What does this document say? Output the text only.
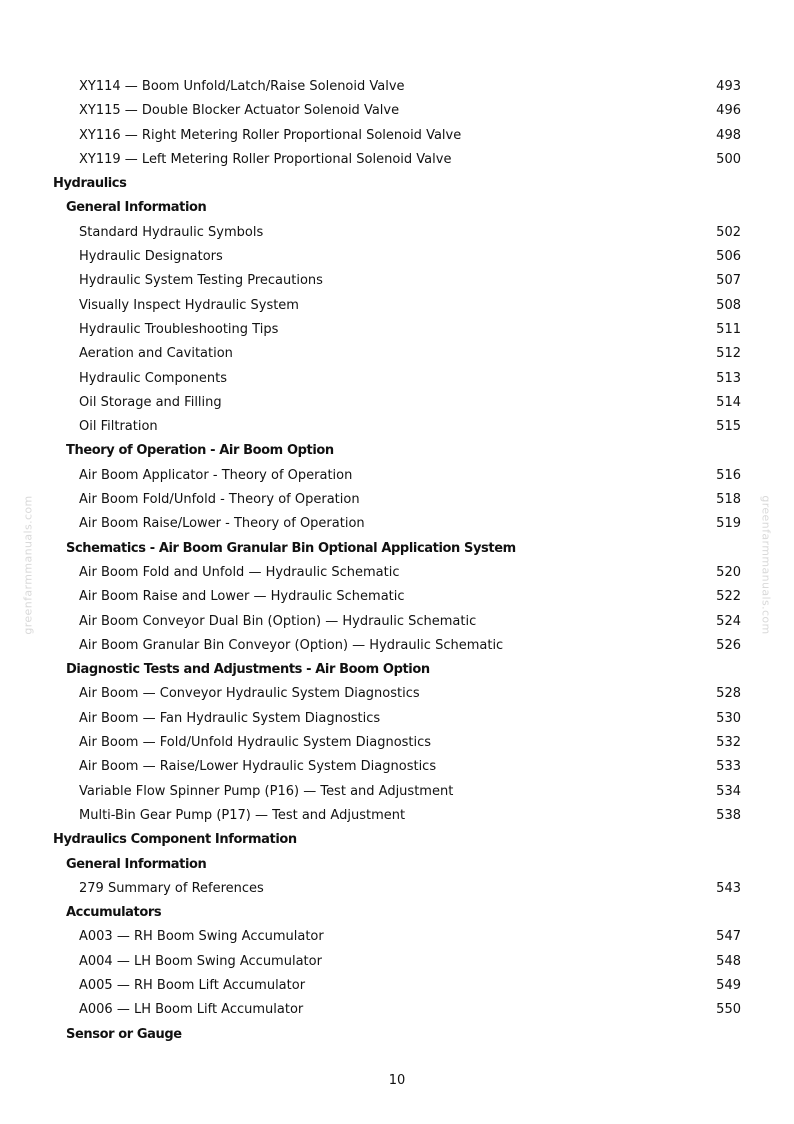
greenfarmmanuals.com	greenfarmmanuals.com
XY114 — Boom Unfold/Latch/Raise Solenoid Valve	493
XY115 — Double Blocker Actuator Solenoid Valve	496
XY116 — Right Metering Roller Proportional Solenoid Valve	498
XY119 — Left Metering Roller Proportional Solenoid Valve	500
Hydraulics
General Information
Standard Hydraulic Symbols	502
Hydraulic Designators	506
Hydraulic System Testing Precautions	507
Visually Inspect Hydraulic System	508
Hydraulic Troubleshooting Tips	511
Aeration and Cavitation	512
Hydraulic Components	513
Oil Storage and Filling	514
Oil Filtration	515
Theory of Operation - Air Boom Option
Air Boom Applicator - Theory of Operation	516
Air Boom Fold/Unfold - Theory of Operation	518
Air Boom Raise/Lower - Theory of Operation	519
Schematics - Air Boom Granular Bin Optional Application System
Air Boom Fold and Unfold — Hydraulic Schematic	520
Air Boom Raise and Lower — Hydraulic Schematic	522
Air Boom Conveyor Dual Bin (Option) — Hydraulic Schematic	524
Air Boom Granular Bin Conveyor (Option) — Hydraulic Schematic	526
Diagnostic Tests and Adjustments - Air Boom Option
Air Boom — Conveyor Hydraulic System Diagnostics	528
Air Boom — Fan Hydraulic System Diagnostics	530
Air Boom — Fold/Unfold Hydraulic System Diagnostics	532
Air Boom — Raise/Lower Hydraulic System Diagnostics	533
Variable Flow Spinner Pump (P16) — Test and Adjustment	534
Multi-Bin Gear Pump (P17) — Test and Adjustment	538
Hydraulics Component Information
General Information
279 Summary of References	543
Accumulators
A003 — RH Boom Swing Accumulator	547
A004 — LH Boom Swing Accumulator	548
A005 — RH Boom Lift Accumulator	549
A006 — LH Boom Lift Accumulator	550
Sensor or Gauge
10
